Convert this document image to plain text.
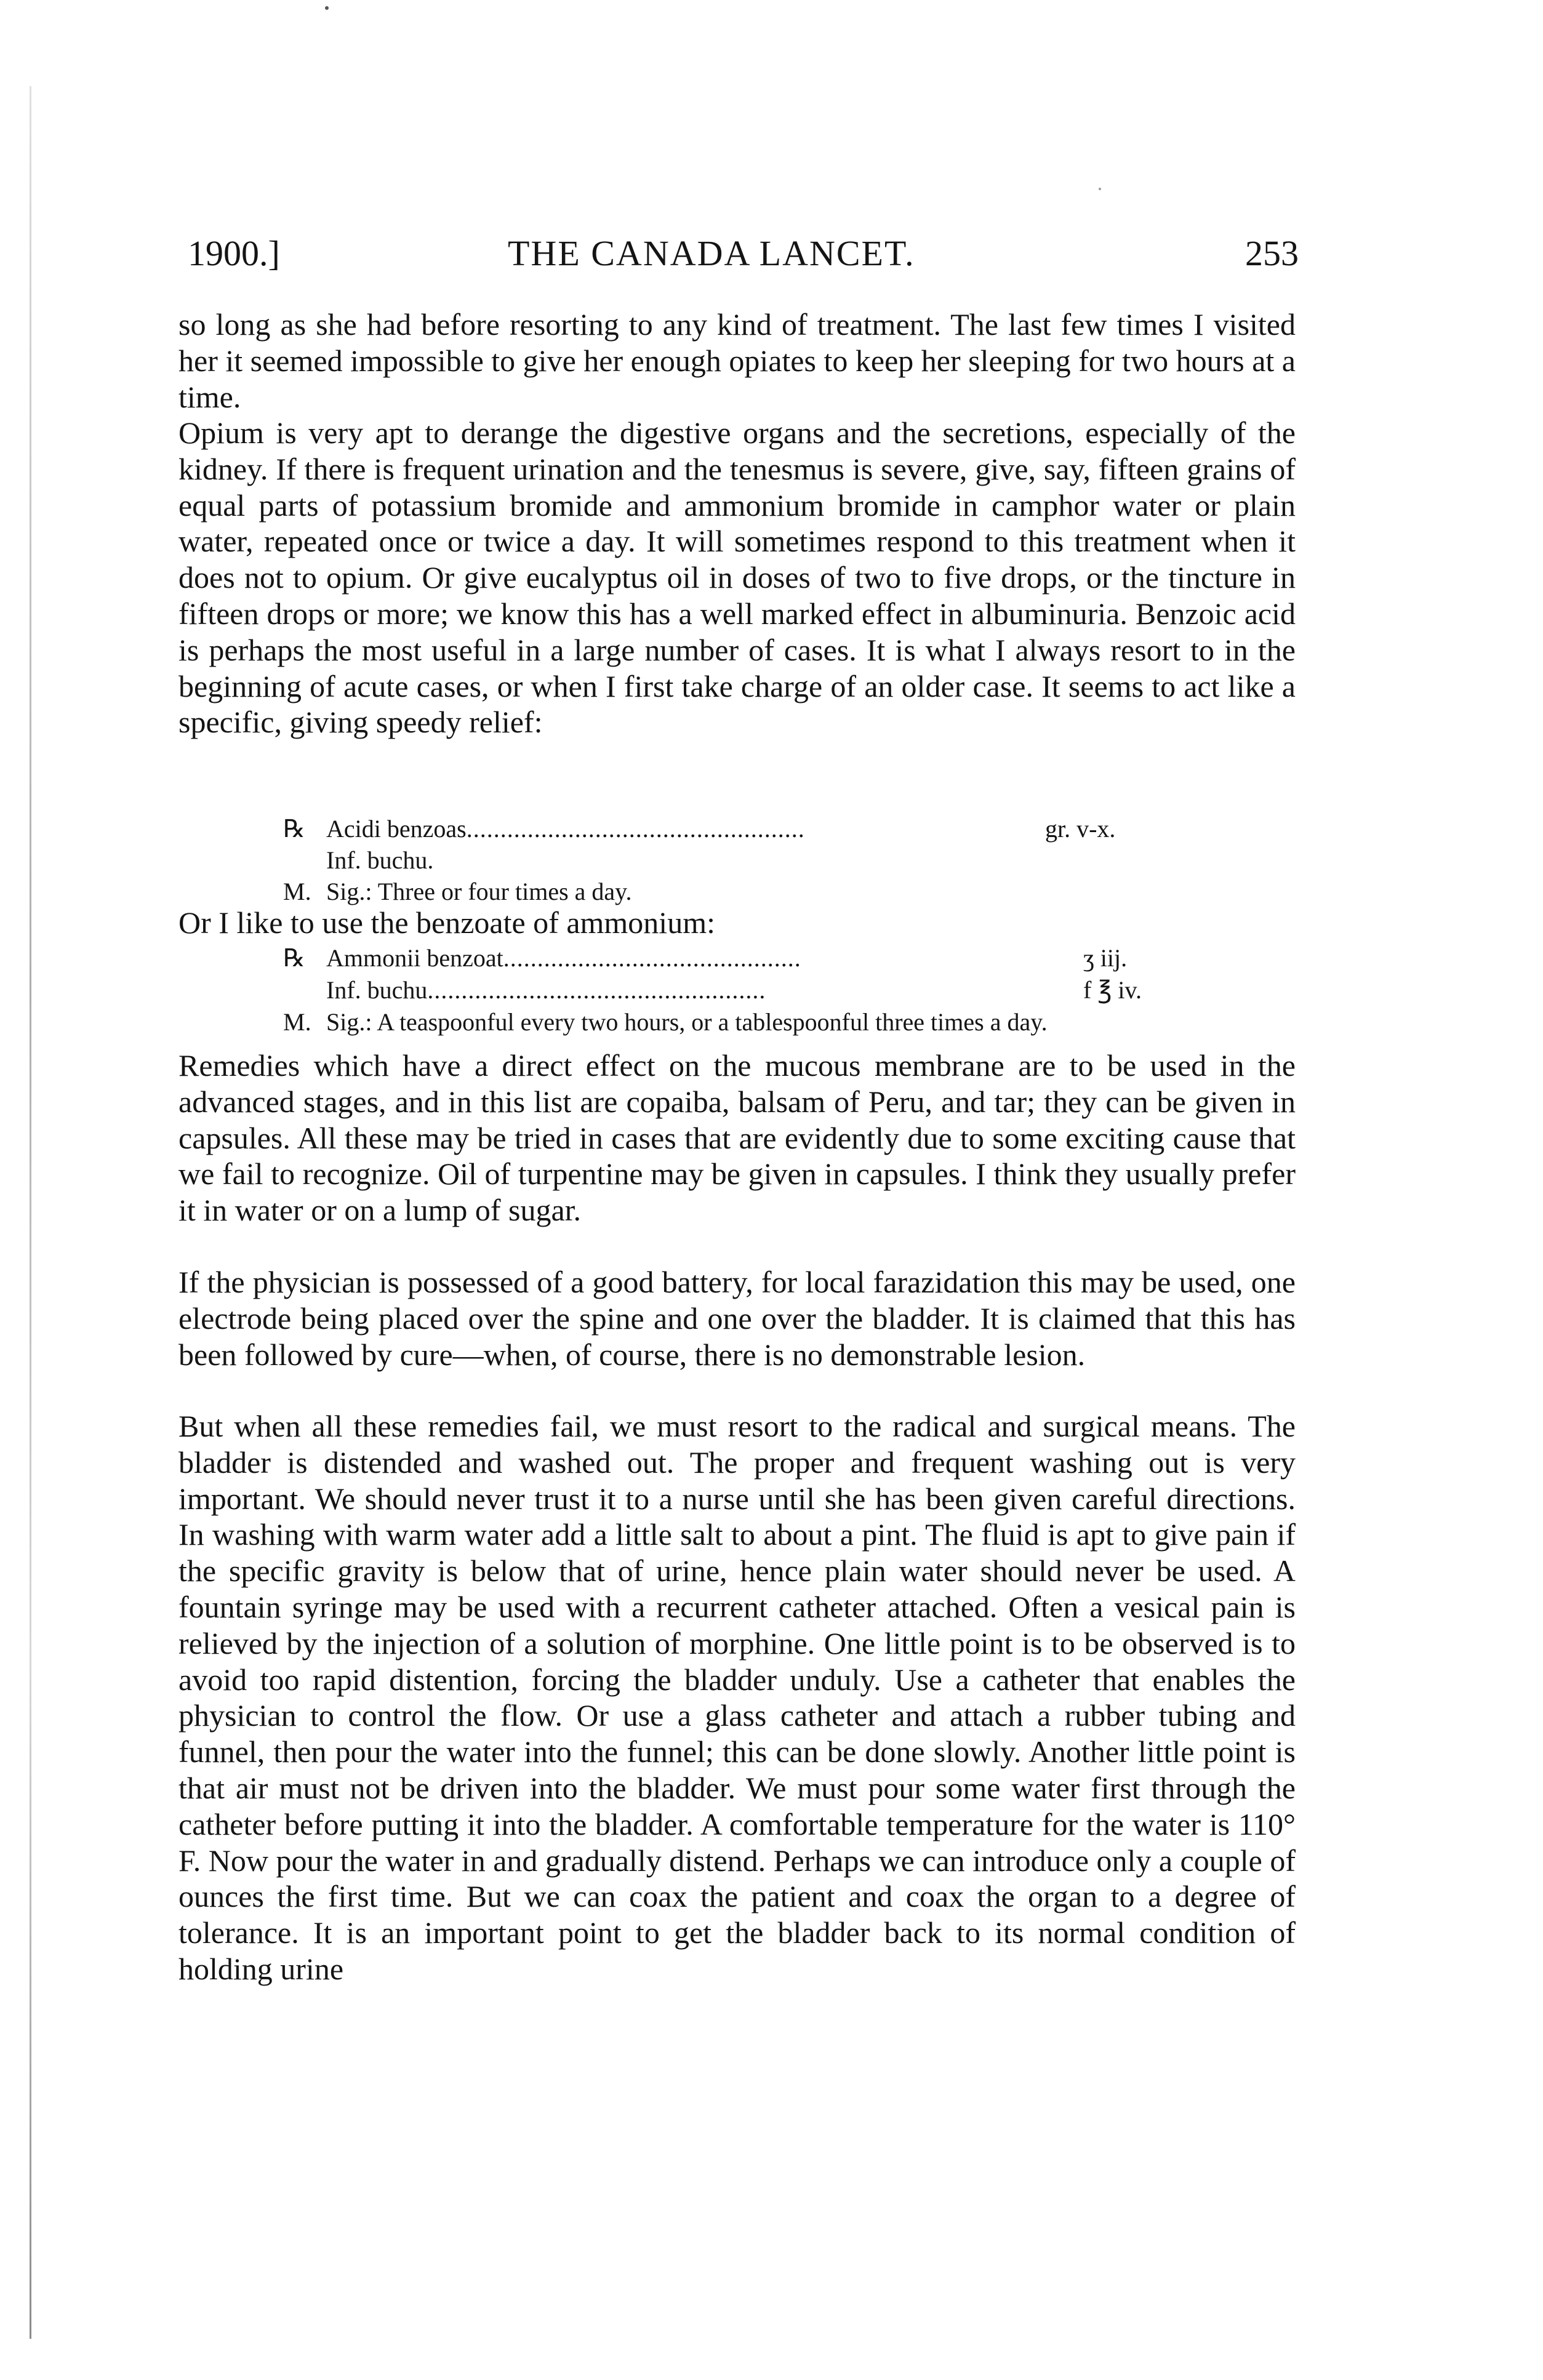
1900.]	THE CANADA LANCET.	253
so long as she had before resorting to any kind of treatment. The last few times I visited her it seemed impossible to give her enough opiates to keep her sleeping for two hours at a time.
Opium is very apt to derange the digestive organs and the secretions, especially of the kidney. If there is frequent urination and the tenesmus is severe, give, say, fifteen grains of equal parts of potassium bromide and ammonium bromide in camphor water or plain water, repeated once or twice a day. It will sometimes respond to this treatment when it does not to opium. Or give eucalyptus oil in doses of two to five drops, or the tincture in fifteen drops or more; we know this has a well marked effect in albuminuria. Benzoic acid is perhaps the most useful in a large number of cases. It is what I always resort to in the beginning of acute cases, or when I first take charge of an older case. It seems to act like a specific, giving speedy relief:
℞ Acidi benzoas..................................................	gr. v-x.
Inf. buchu.
M. Sig.: Three or four times a day.
Or I like to use the benzoate of ammonium:
℞ Ammonii benzoat............................................	ʒ iij.
Inf. buchu..................................................	f ℥ iv.
M. Sig.: A teaspoonful every two hours, or a tablespoonful three times a day.
Remedies which have a direct effect on the mucous membrane are to be used in the advanced stages, and in this list are copaiba, balsam of Peru, and tar; they can be given in capsules. All these may be tried in cases that are evidently due to some exciting cause that we fail to recognize. Oil of turpentine may be given in capsules. I think they usually prefer it in water or on a lump of sugar.
If the physician is possessed of a good battery, for local farazidation this may be used, one electrode being placed over the spine and one over the bladder. It is claimed that this has been followed by cure—when, of course, there is no demonstrable lesion.
But when all these remedies fail, we must resort to the radical and surgical means. The bladder is distended and washed out. The proper and frequent washing out is very important. We should never trust it to a nurse until she has been given careful directions. In washing with warm water add a little salt to about a pint. The fluid is apt to give pain if the specific gravity is below that of urine, hence plain water should never be used. A fountain syringe may be used with a recurrent catheter attached. Often a vesical pain is relieved by the injection of a solution of morphine. One little point is to be observed is to avoid too rapid distention, forcing the bladder unduly. Use a catheter that enables the physician to control the flow. Or use a glass catheter and attach a rubber tubing and funnel, then pour the water into the funnel; this can be done slowly. Another little point is that air must not be driven into the bladder. We must pour some water first through the catheter before putting it into the bladder. A comfortable temperature for the water is 110° F. Now pour the water in and gradually distend. Perhaps we can introduce only a couple of ounces the first time. But we can coax the patient and coax the organ to a degree of tolerance. It is an important point to get the bladder back to its normal condition of holding urine
